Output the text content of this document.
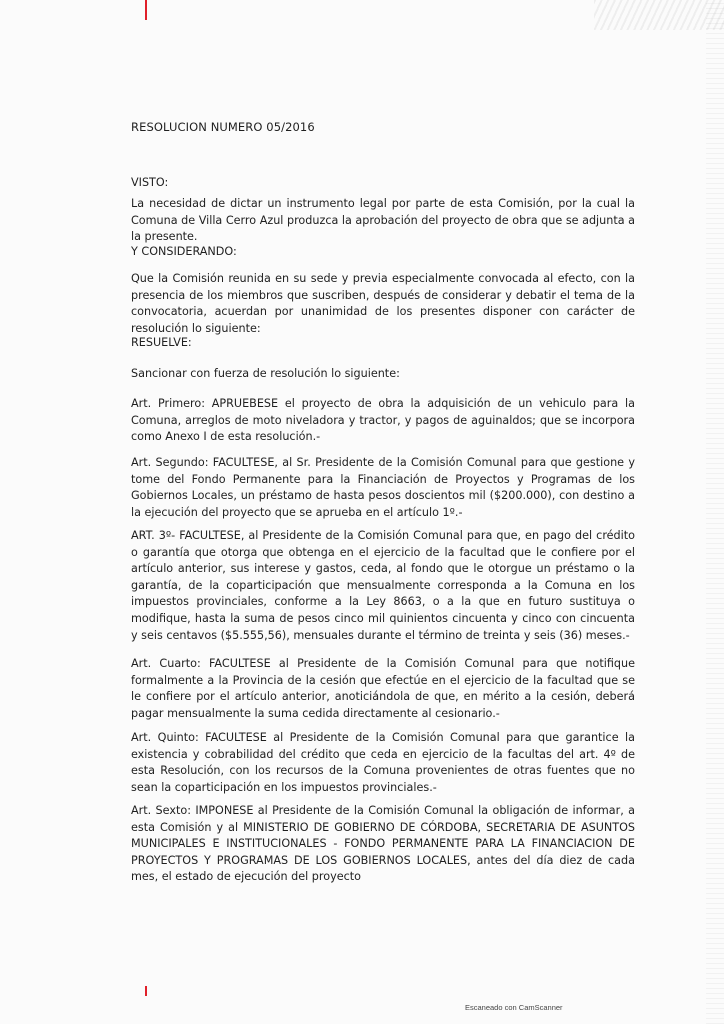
RESOLUCION NUMERO 05/2016
VISTO:
La necesidad de dictar un instrumento legal por parte de esta Comisión, por la cual la Comuna de Villa Cerro Azul produzca la aprobación del proyecto de obra que se adjunta a la presente.
Y CONSIDERANDO:
Que la Comisión reunida en su sede y previa especialmente convocada al efecto, con la presencia de los miembros que suscriben, después de considerar y debatir el tema de la convocatoria, acuerdan por unanimidad de los presentes disponer con carácter de resolución lo siguiente:
RESUELVE:
Sancionar con fuerza de resolución lo siguiente:
Art. Primero: APRUEBESE el proyecto de obra la adquisición de un vehiculo para la Comuna, arreglos de moto niveladora y tractor, y pagos de aguinaldos; que se incorpora como Anexo I de esta resolución.-
Art. Segundo: FACULTESE, al Sr. Presidente de la Comisión Comunal para que gestione y tome del Fondo Permanente para la Financiación de Proyectos y Programas de los Gobiernos Locales, un préstamo de hasta pesos doscientos mil ($200.000), con destino a la ejecución del proyecto que se aprueba en el artículo 1º.-
ART. 3º- FACULTESE, al Presidente de la Comisión Comunal para que, en pago del crédito o garantía que otorga que obtenga en el ejercicio de la facultad que le confiere por el artículo anterior, sus interese y gastos, ceda, al fondo que le otorgue un préstamo o la garantía, de la coparticipación que mensualmente corresponda a la Comuna en los impuestos provinciales, conforme a la Ley 8663, o a la que en futuro sustituya o modifique, hasta la suma de pesos cinco mil quinientos cincuenta y cinco con cincuenta y seis centavos ($5.555,56), mensuales durante el término de treinta y seis (36) meses.-
Art. Cuarto: FACULTESE al Presidente de la Comisión Comunal para que notifique formalmente a la Provincia de la cesión que efectúe en el ejercicio de la facultad que se le confiere por el artículo anterior, anoticiándola de que, en mérito a la cesión, deberá pagar mensualmente la suma cedida directamente al cesionario.-
Art. Quinto: FACULTESE al Presidente de la Comisión Comunal para que garantice la existencia y cobrabilidad del crédito que ceda en ejercicio de la facultas del art. 4º de esta Resolución, con los recursos de la Comuna provenientes de otras fuentes que no sean la coparticipación en los impuestos provinciales.-
Art. Sexto: IMPONESE al Presidente de la Comisión Comunal la obligación de informar, a esta Comisión y al MINISTERIO DE GOBIERNO DE CÓRDOBA, SECRETARIA DE ASUNTOS MUNICIPALES E INSTITUCIONALES - FONDO PERMANENTE PARA LA FINANCIACION DE PROYECTOS Y PROGRAMAS DE LOS GOBIERNOS LOCALES, antes del día diez de cada mes, el estado de ejecución del proyecto
Escaneado con CamScanner
